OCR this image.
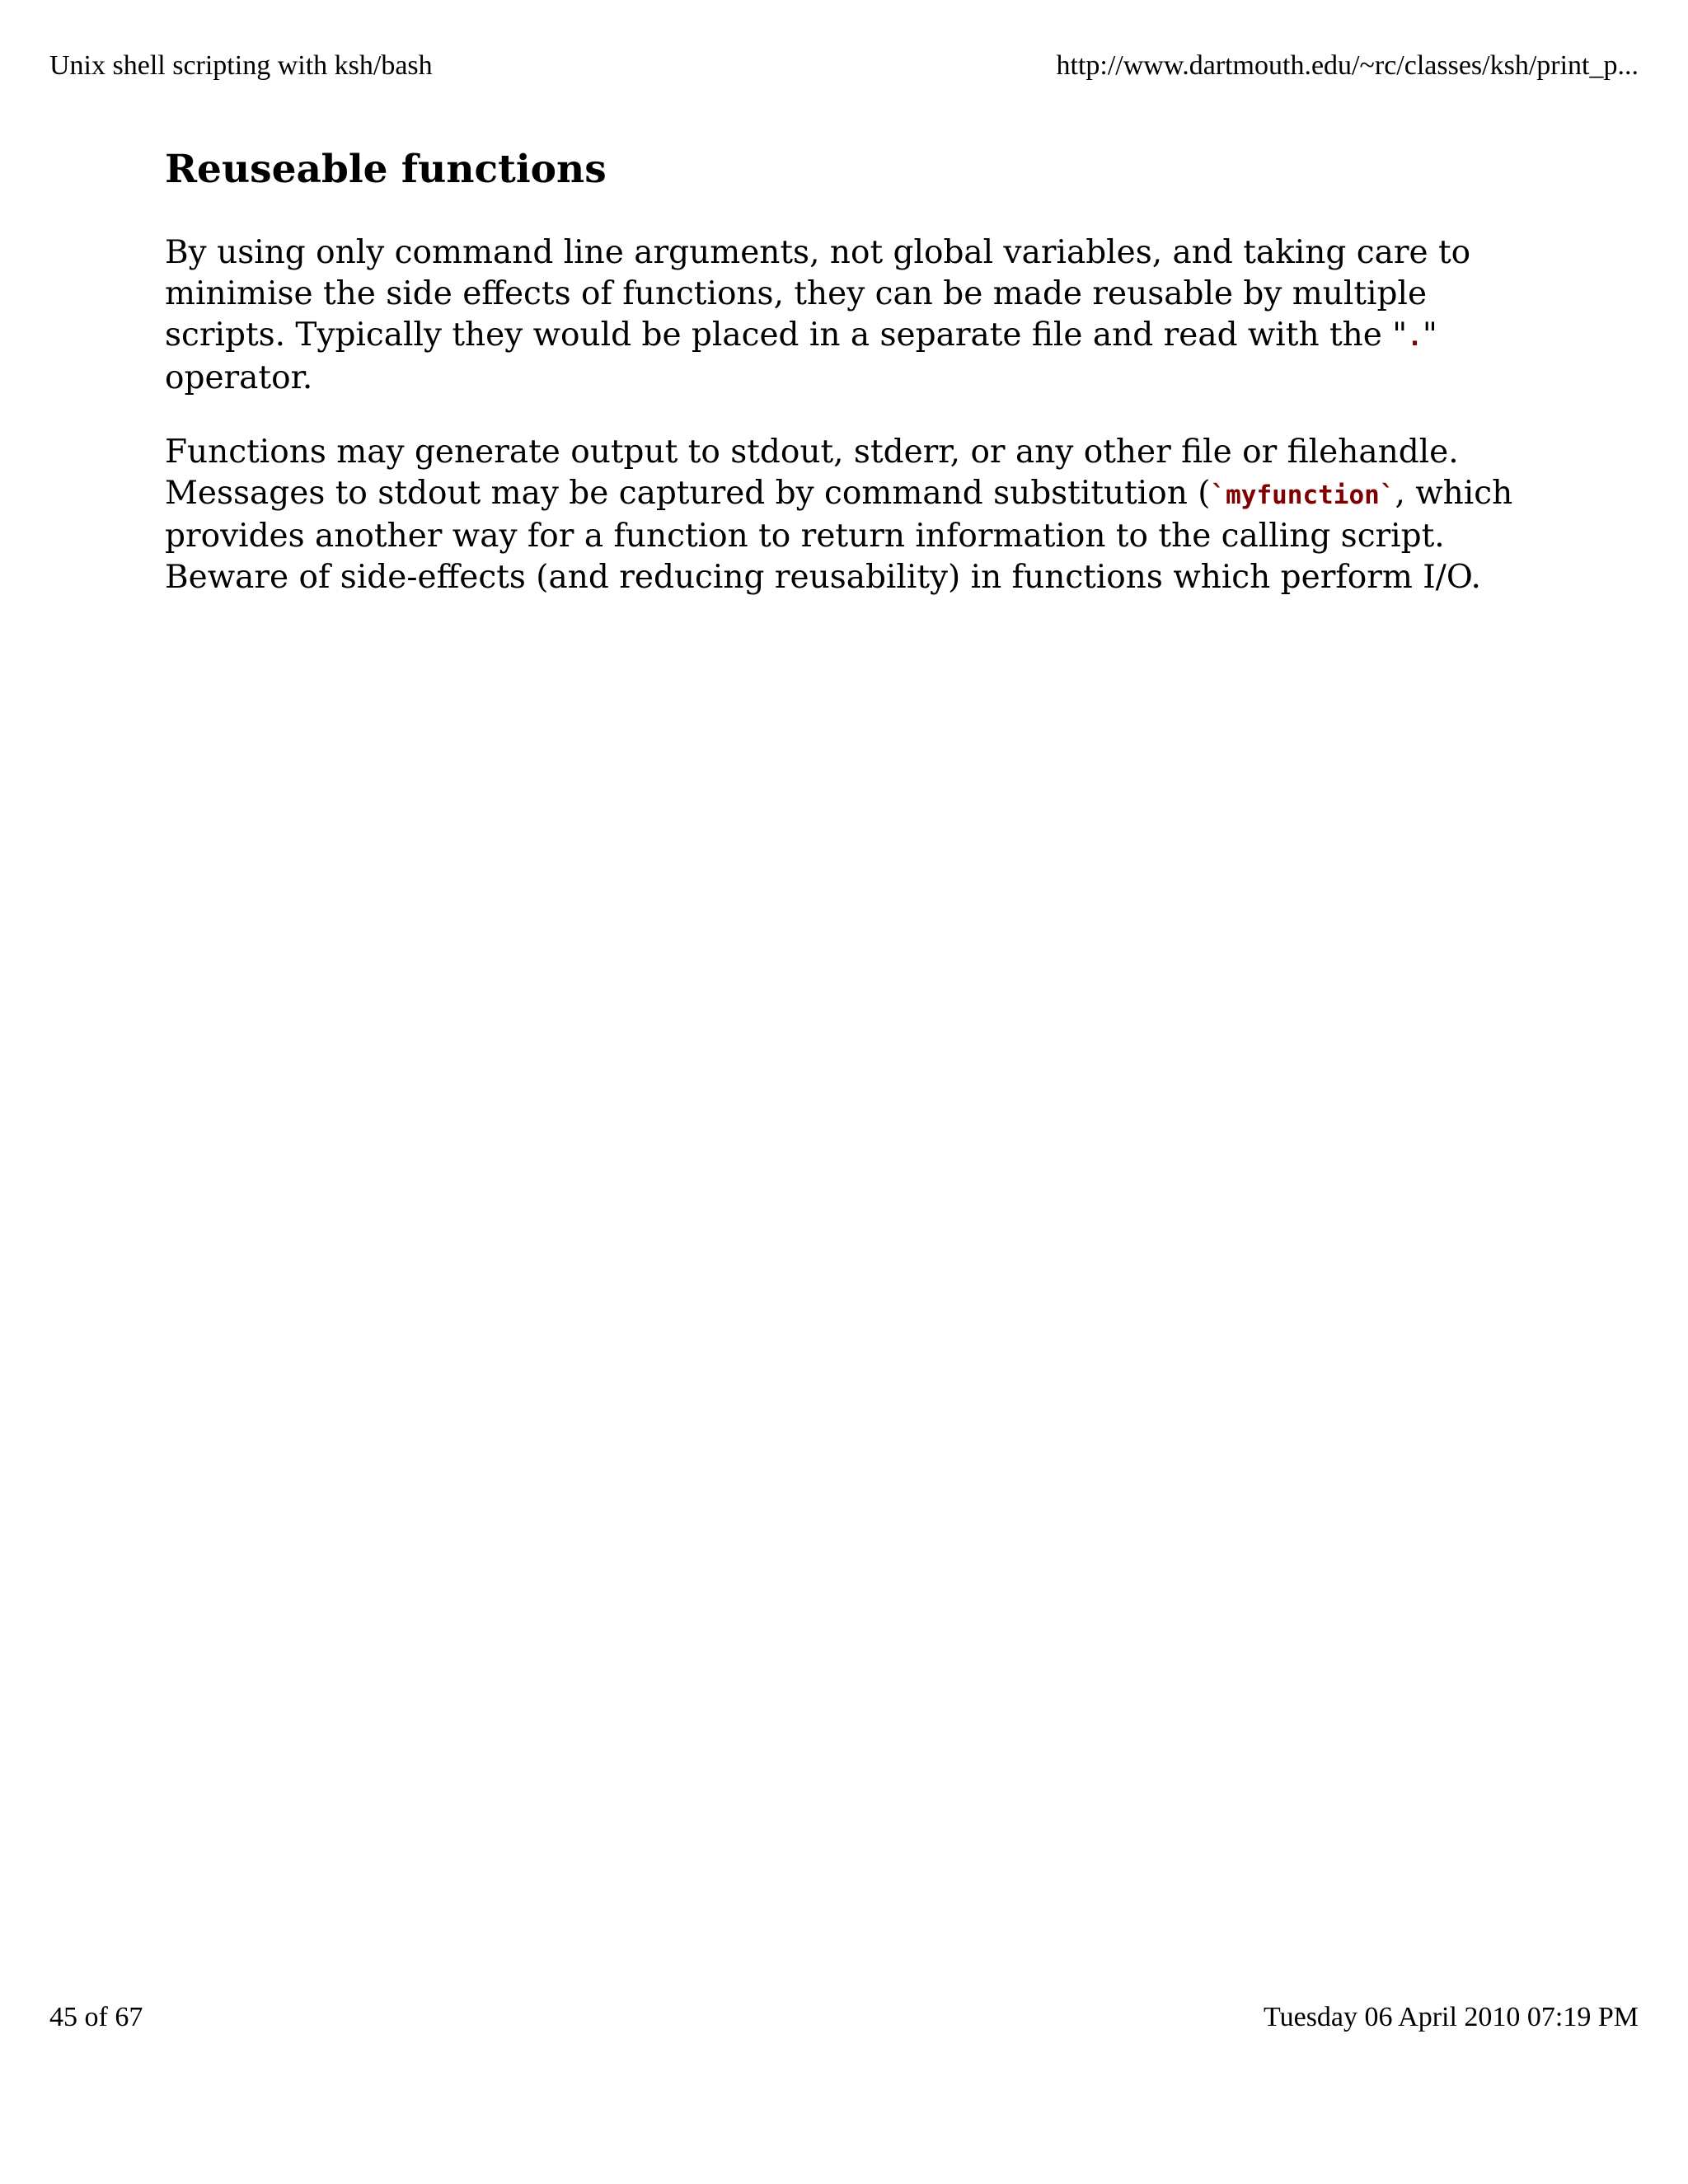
Unix shell scripting with ksh/bash	http://www.dartmouth.edu/~rc/classes/ksh/print_p...
Reuseable functions

By using only command line arguments, not global variables, and taking care to minimise the side effects of functions, they can be made reusable by multiple scripts. Typically they would be placed in a separate file and read with the "." operator.

Functions may generate output to stdout, stderr, or any other file or filehandle. Messages to stdout may be captured by command substitution (`myfunction`, which provides another way for a function to return information to the calling script. Beware of side-effects (and reducing reusability) in functions which perform I/O.

45 of 67	Tuesday 06 April 2010 07:19 PM
